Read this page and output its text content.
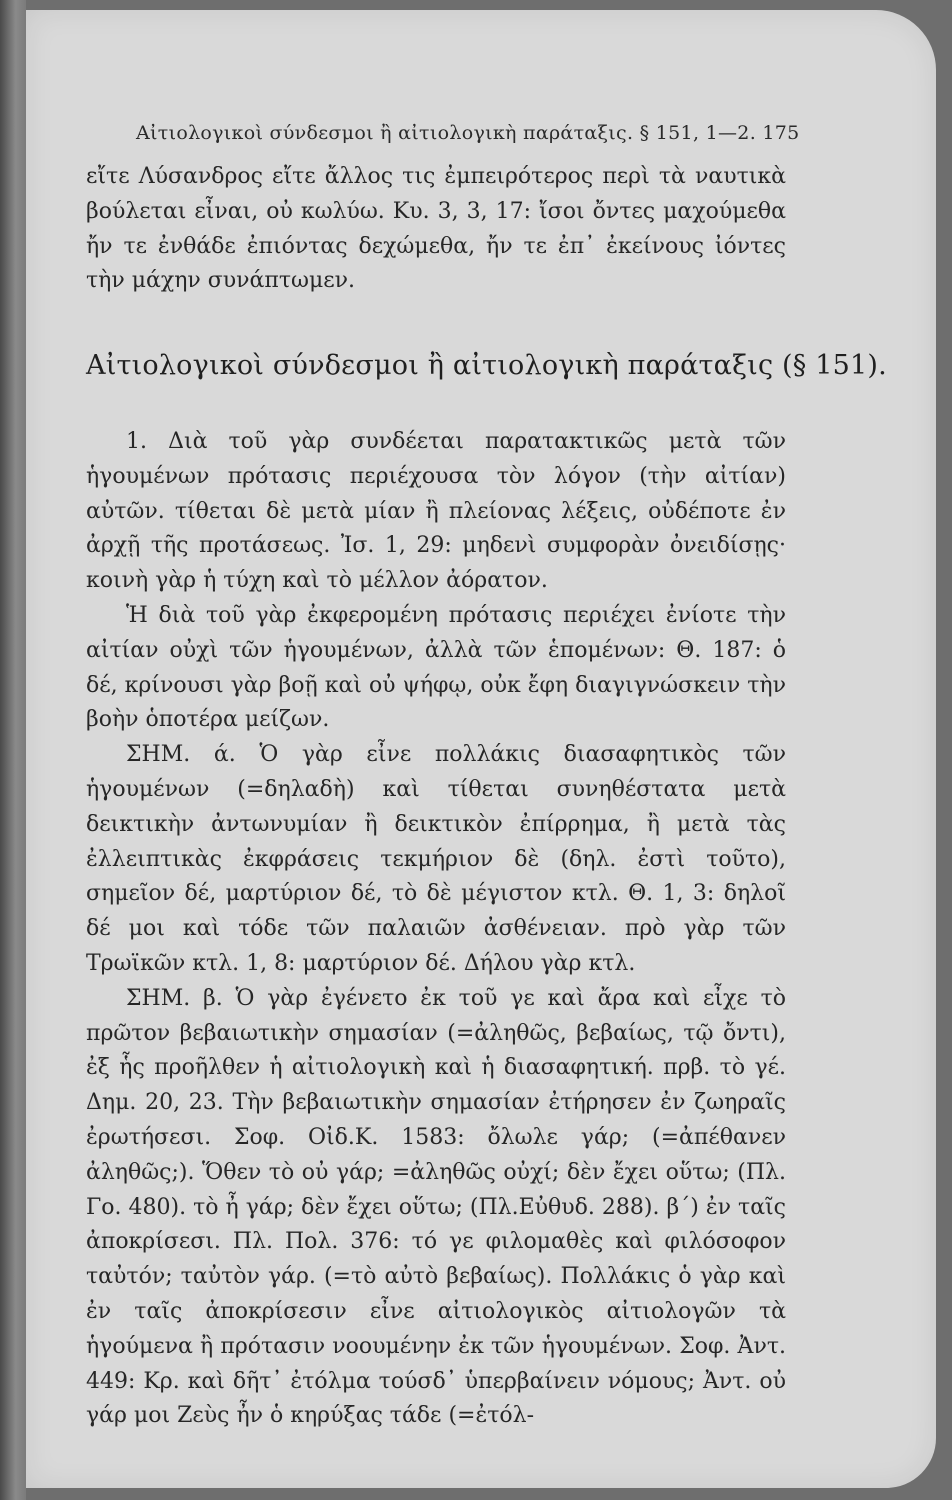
Αἰτιολογικοὶ σύνδεσμοι ἢ αἰτιολογικὴ παράταξις. § 151, 1—2. 175

εἴτε Λύσανδρος εἴτε ἄλλος τις ἐμπειρότερος περὶ τὰ ναυτικὰ βούλεται εἶναι, οὐ κωλύω. Κυ. 3, 3, 17: ἴσοι ὄντες μαχούμεθα ἤν τε ἐνθάδε ἐπιόντας δεχώμεθα, ἤν τε ἐπ᾽ ἐκείνους ἰόντες τὴν μάχην συνάπτωμεν.

Αἰτιολογικοὶ σύνδεσμοι ἢ αἰτιολογικὴ παράταξις (§ 151).

1. Διὰ τοῦ γὰρ συνδέεται παρατακτικῶς μετὰ τῶν ἡγουμένων πρότασις περιέχουσα τὸν λόγον (τὴν αἰτίαν) αὐτῶν. τίθεται δὲ μετὰ μίαν ἢ πλείονας λέξεις, οὐδέποτε ἐν ἀρχῇ τῆς προτάσεως. Ἰσ. 1, 29: μηδενὶ συμφορὰν ὀνειδίσῃς· κοινὴ γὰρ ἡ τύχη καὶ τὸ μέλλον ἀόρατον.

Ἡ διὰ τοῦ γὰρ ἐκφερομένη πρότασις περιέχει ἐνίοτε τὴν αἰτίαν οὐχὶ τῶν ἡγουμένων, ἀλλὰ τῶν ἑπομένων: Θ. 187: ὁ δέ, κρίνουσι γὰρ βοῇ καὶ οὐ ψήφῳ, οὐκ ἔφη διαγιγνώσκειν τὴν βοὴν ὁποτέρα μείζων.

ΣΗΜ. ά. Ὁ γὰρ εἶνε πολλάκις διασαφητικὸς τῶν ἡγουμένων (=δηλαδὴ) καὶ τίθεται συνηθέστατα μετὰ δεικτικὴν ἀντωνυμίαν ἢ δεικτικὸν ἐπίρρημα, ἢ μετὰ τὰς ἐλλειπτικὰς ἐκφράσεις τεκμήριον δὲ (δηλ. ἐστὶ τοῦτο), σημεῖον δέ, μαρτύριον δέ, τὸ δὲ μέγιστον κτλ. Θ. 1, 3: δηλοῖ δέ μοι καὶ τόδε τῶν παλαιῶν ἀσθένειαν. πρὸ γὰρ τῶν Τρωϊκῶν κτλ. 1, 8: μαρτύριον δέ. Δήλου γὰρ κτλ.

ΣΗΜ. β. Ὁ γὰρ ἐγένετο ἐκ τοῦ γε καὶ ἄρα καὶ εἶχε τὸ πρῶτον βεβαιωτικὴν σημασίαν (=ἀληθῶς, βεβαίως, τῷ ὄντι), ἐξ ἧς προῆλθεν ἡ αἰτιολογικὴ καὶ ἡ διασαφητική. πρβ. τὸ γέ. Δημ. 20, 23. Τὴν βεβαιωτικὴν σημασίαν ἐτήρησεν ἐν ζωηραῖς ἐρωτήσεσι. Σοφ. Οἰδ.Κ. 1583: ὄλωλε γάρ; (=ἀπέθανεν ἀληθῶς;). Ὅθεν τὸ οὐ γάρ; =ἀληθῶς οὐχί; δὲν ἔχει οὕτω; (Πλ. Γο. 480). τὸ ἦ γάρ; δὲν ἔχει οὕτω; (Πλ.Εὐθυδ. 288). β΄) ἐν ταῖς ἀποκρίσεσι. Πλ. Πολ. 376: τό γε φιλομαθὲς καὶ φιλόσοφον ταὐτόν; ταὐτὸν γάρ. (=τὸ αὐτὸ βεβαίως). Πολλάκις ὁ γὰρ καὶ ἐν ταῖς ἀποκρίσεσιν εἶνε αἰτιολογικὸς αἰτιολογῶν τὰ ἡγούμενα ἢ πρότασιν νοουμένην ἐκ τῶν ἡγουμένων. Σοφ. Ἀντ. 449: Κρ. καὶ δῆτ᾽ ἐτόλμα τούσδ᾽ ὑπερβαίνειν νόμους; Ἀντ. οὐ γάρ μοι Ζεὺς ἦν ὁ κηρύξας τάδε (=ἐτόλ-
